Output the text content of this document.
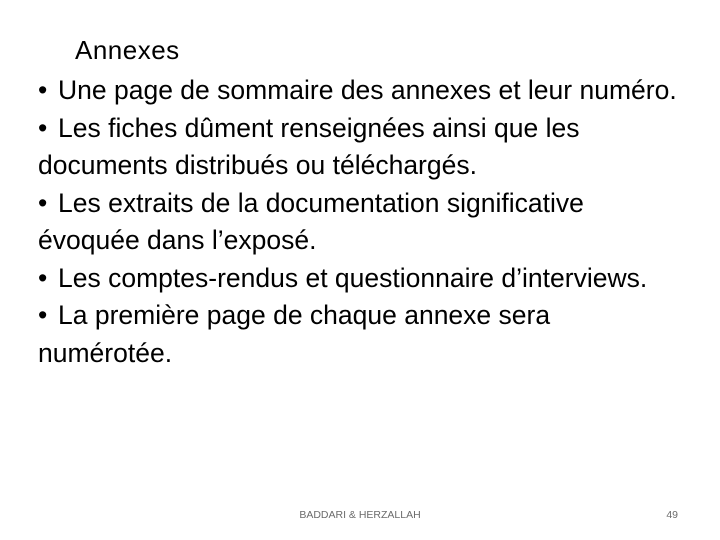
Annexes
• Une page de sommaire des annexes et leur numéro.
• Les fiches dûment renseignées ainsi que les documents distribués ou téléchargés.
• Les extraits de la documentation significative évoquée dans l’exposé.
• Les comptes-rendus et questionnaire d’interviews.
• La première page de chaque annexe sera numérotée.
BADDARI & HERZALLAH	49
